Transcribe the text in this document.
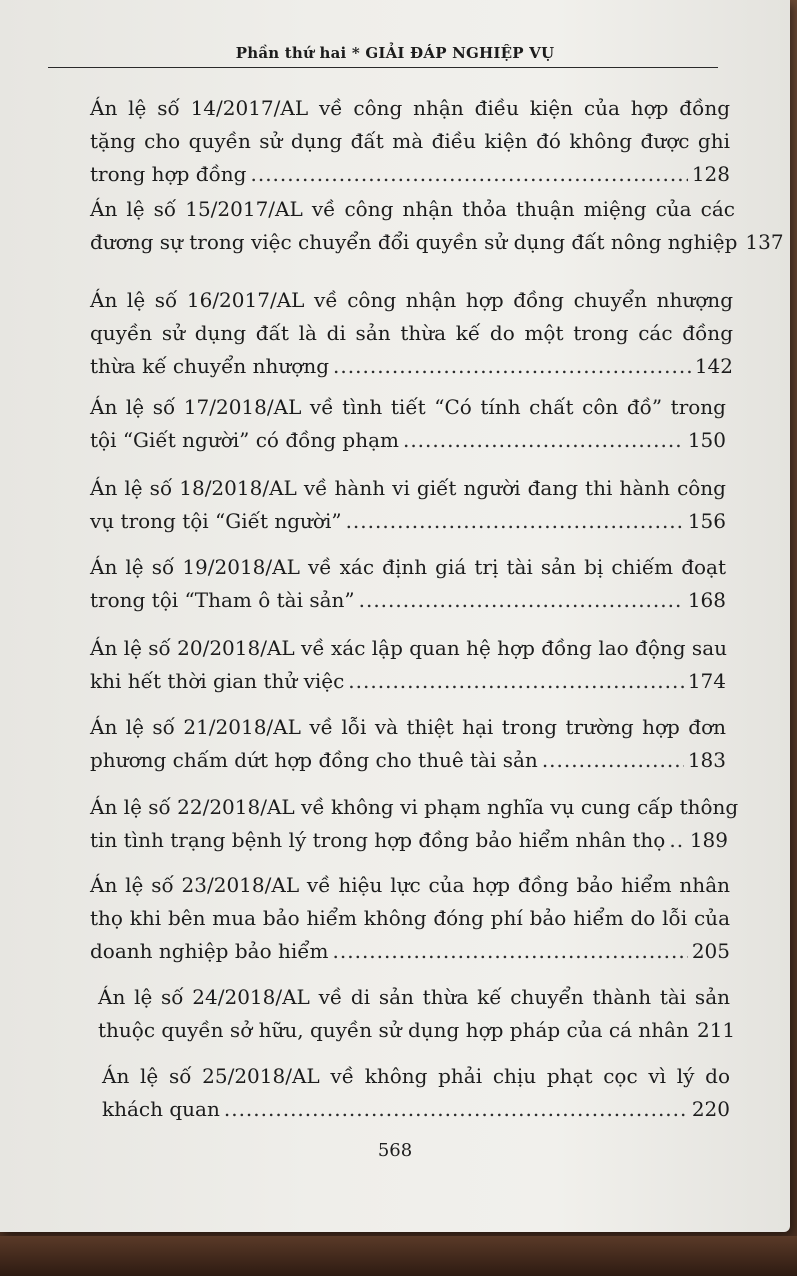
Phần thứ hai * GIẢI ĐÁP NGHIỆP VỤ
Án lệ số 14/2017/AL về công nhận điều kiện của hợp đồng
tặng cho quyền sử dụng đất mà điều kiện đó không được ghi
trong hợp đồng .....	128
Án lệ số 15/2017/AL về công nhận thỏa thuận miệng của các
đương sự trong việc chuyển đổi quyền sử dụng đất nông nghiệp 137
Án lệ số 16/2017/AL về công nhận hợp đồng chuyển nhượng
quyền sử dụng đất là di sản thừa kế do một trong các đồng
thừa kế chuyển nhượng .....	142
Án lệ số 17/2018/AL về tình tiết “Có tính chất côn đồ” trong
tội “Giết người” có đồng phạm .....	150
Án lệ số 18/2018/AL về hành vi giết người đang thi hành công
vụ trong tội “Giết người” .....	156
Án lệ số 19/2018/AL về xác định giá trị tài sản bị chiếm đoạt
trong tội “Tham ô tài sản” .....	168
Án lệ số 20/2018/AL về xác lập quan hệ hợp đồng lao động sau
khi hết thời gian thử việc .....	174
Án lệ số 21/2018/AL về lỗi và thiệt hại trong trường hợp đơn
phương chấm dứt hợp đồng cho thuê tài sản .....	183
Án lệ số 22/2018/AL về không vi phạm nghĩa vụ cung cấp thông
tin tình trạng bệnh lý trong hợp đồng bảo hiểm nhân thọ ..... 189
Án lệ số 23/2018/AL về hiệu lực của hợp đồng bảo hiểm nhân
thọ khi bên mua bảo hiểm không đóng phí bảo hiểm do lỗi của
doanh nghiệp bảo hiểm .....	205
Án lệ số 24/2018/AL về di sản thừa kế chuyển thành tài sản
thuộc quyền sở hữu, quyền sử dụng hợp pháp của cá nhân 211
Án lệ số 25/2018/AL về không phải chịu phạt cọc vì lý do
khách quan .....	220
568
